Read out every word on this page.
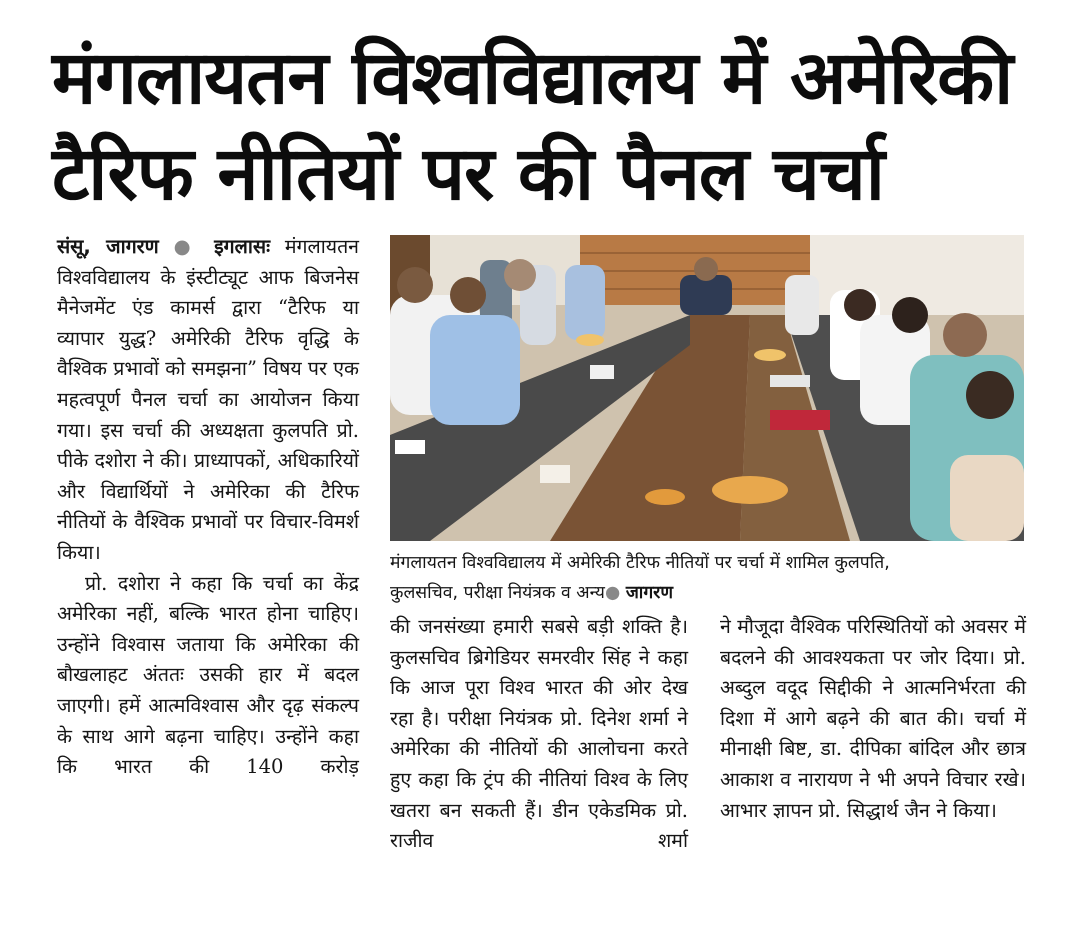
मंगलायतन विश्वविद्यालय में अमेरिकी
टैरिफ नीतियों पर की पैनल चर्चा

संसू, जागरण ● इगलासः मंगलायतन विश्वविद्यालय के इंस्टीट्यूट आफ बिजनेस मैनेजमेंट एंड कामर्स द्वारा “टैरिफ या व्यापार युद्ध? अमेरिकी टैरिफ वृद्धि के वैश्विक प्रभावों को समझना” विषय पर एक महत्वपूर्ण पैनल चर्चा का आयोजन किया गया। इस चर्चा की अध्यक्षता कुलपति प्रो. पीके दशोरा ने की। प्राध्यापकों, अधिकारियों और विद्यार्थियों ने अमेरिका की टैरिफ नीतियों के वैश्विक प्रभावों पर विचार-विमर्श किया।

प्रो. दशोरा ने कहा कि चर्चा का केंद्र अमेरिका नहीं, बल्कि भारत होना चाहिए। उन्होंने विश्वास जताया कि अमेरिका की बौखलाहट अंततः उसकी हार में बदल जाएगी। हमें आत्मविश्वास और दृढ़ संकल्प के साथ आगे बढ़ना चाहिए। उन्होंने कहा कि भारत की 140 करोड़

मंगलायतन विश्वविद्यालय में अमेरिकी टैरिफ नीतियों पर चर्चा में शामिल कुलपति,
कुलसचिव, परीक्षा नियंत्रक व अन्य● जागरण

की जनसंख्या हमारी सबसे बड़ी शक्ति है। कुलसचिव ब्रिगेडियर समरवीर सिंह ने कहा कि आज पूरा विश्व भारत की ओर देख रहा है। परीक्षा नियंत्रक प्रो. दिनेश शर्मा ने अमेरिका की नीतियों की आलोचना करते हुए कहा कि ट्रंप की नीतियां विश्व के लिए खतरा बन सकती हैं। डीन एकेडमिक प्रो. राजीव शर्मा

ने मौजूदा वैश्विक परिस्थितियों को अवसर में बदलने की आवश्यकता पर जोर दिया। प्रो. अब्दुल वदूद सिद्दीकी ने आत्मनिर्भरता की दिशा में आगे बढ़ने की बात की। चर्चा में मीनाक्षी बिष्ट, डा. दीपिका बांदिल और छात्र आकाश व नारायण ने भी अपने विचार रखे। आभार ज्ञापन प्रो. सिद्धार्थ जैन ने किया।
